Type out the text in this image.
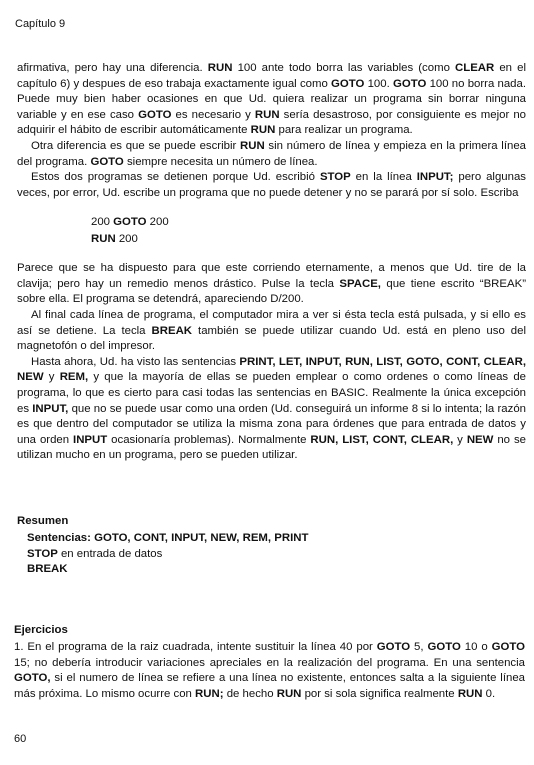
Capítulo 9

afirmativa, pero hay una diferencia. RUN 100 ante todo borra las variables (como CLEAR en el capítulo 6) y despues de eso trabaja exactamente igual como GOTO 100. GOTO 100 no borra nada. Puede muy bien haber ocasiones en que Ud. quiera realizar un programa sin borrar ninguna variable y en ese caso GOTO es necesario y RUN sería desastroso, por consiguiente es mejor no adquirir el hábito de escribir automáticamente RUN para realizar un programa.

Otra diferencia es que se puede escribir RUN sin número de línea y empieza en la primera línea del programa. GOTO siempre necesita un número de línea.

Estos dos programas se detienen porque Ud. escribió STOP en la línea INPUT; pero algunas veces, por error, Ud. escribe un programa que no puede detener y no se parará por sí solo. Escriba

200 GOTO 200
RUN 200

Parece que se ha dispuesto para que este corriendo eternamente, a menos que Ud. tire de la clavija; pero hay un remedio menos drástico. Pulse la tecla SPACE, que tiene escrito “BREAK” sobre ella. El programa se detendrá, apareciendo D/200.

Al final cada línea de programa, el computador mira a ver si ésta tecla está pulsada, y si ello es así se detiene. La tecla BREAK también se puede utilizar cuando Ud. está en pleno uso del magnetofón o del impresor.

Hasta ahora, Ud. ha visto las sentencias PRINT, LET, INPUT, RUN, LIST, GOTO, CONT, CLEAR, NEW y REM, y que la mayoría de ellas se pueden emplear o como ordenes o como líneas de programa, lo que es cierto para casi todas las sentencias en BASIC. Realmente la única excepción es INPUT, que no se puede usar como una orden (Ud. conseguirá un informe 8 si lo intenta; la razón es que dentro del computador se utiliza la misma zona para órdenes que para entrada de datos y una orden INPUT ocasionaría problemas). Normalmente RUN, LIST, CONT, CLEAR, y NEW no se utilizan mucho en un programa, pero se pueden utilizar.

Resumen
Sentencias: GOTO, CONT, INPUT, NEW, REM, PRINT
STOP en entrada de datos
BREAK
Ejercicios
1. En el programa de la raiz cuadrada, intente sustituir la línea 40 por GOTO 5, GOTO 10 o GOTO 15; no debería introducir variaciones apreciales en la realización del programa. En una sentencia GOTO, si el numero de línea se refiere a una línea no existente, entonces salta a la siguiente línea más próxima. Lo mismo ocurre con RUN; de hecho RUN por si sola significa realmente RUN 0.
60
